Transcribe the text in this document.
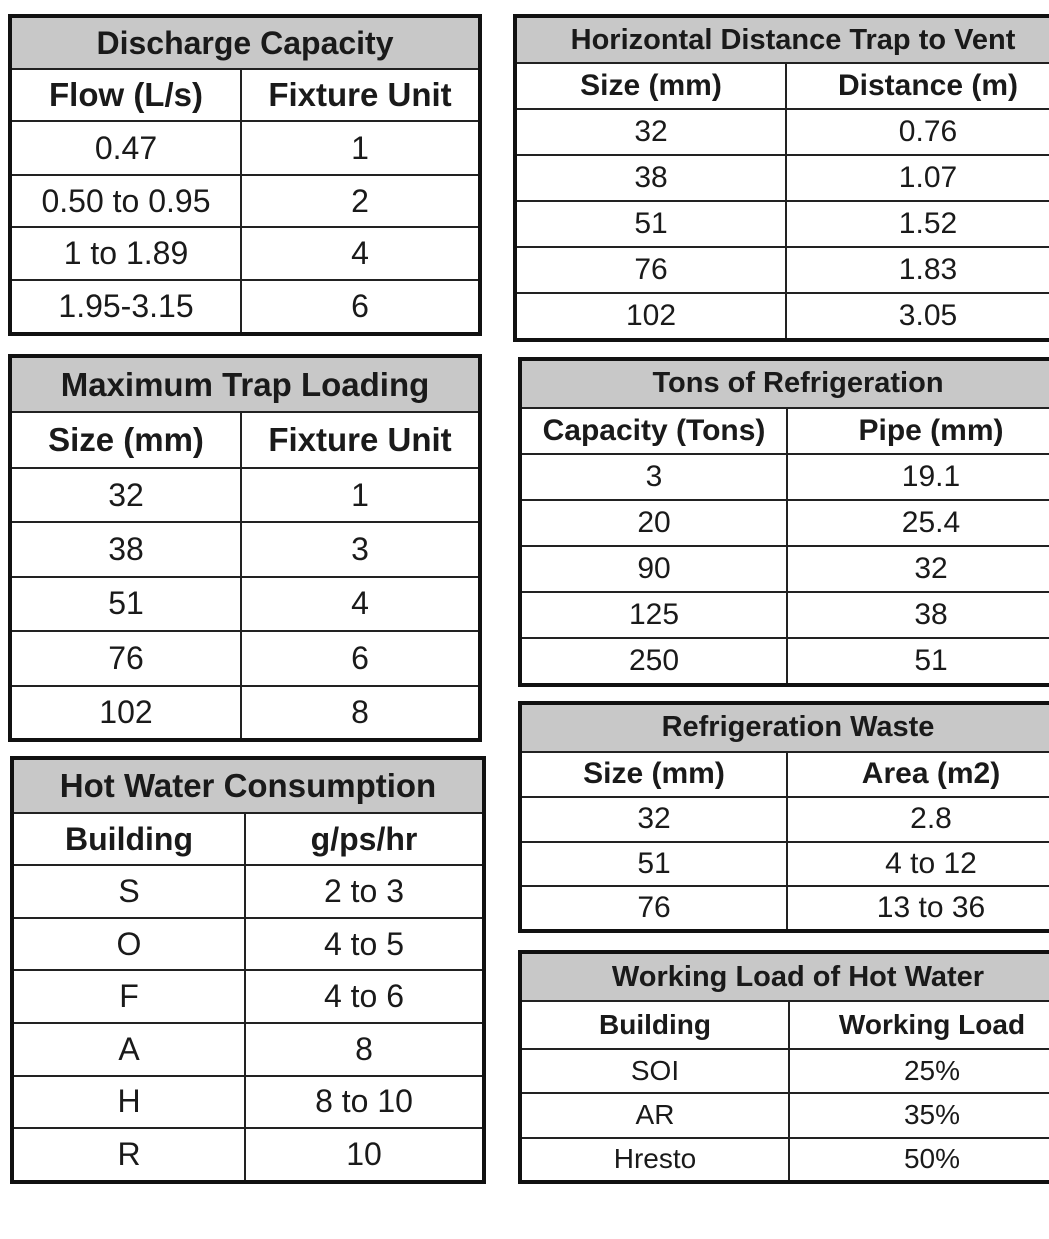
Discharge Capacity
Flow (L/s)	Fixture Unit
0.47	1
0.50 to 0.95	2
1 to 1.89	4
1.95-3.15	6
Horizontal Distance Trap to Vent
Size (mm)	Distance (m)
32	0.76
38	1.07
51	1.52
76	1.83
102	3.05
Maximum Trap Loading
Size (mm)	Fixture Unit
32	1
38	3
51	4
76	6
102	8
Tons of Refrigeration
Capacity (Tons)	Pipe (mm)
3	19.1
20	25.4
90	32
125	38
250	51
Hot Water Consumption
Building	g/ps/hr
S	2 to 3
O	4 to 5
F	4 to 6
A	8
H	8 to 10
R	10
Refrigeration Waste
Size (mm)	Area (m2)
32	2.8
51	4 to 12
76	13 to 36
Working Load of Hot Water
Building	Working Load
SOI	25%
AR	35%
Hresto	50%
